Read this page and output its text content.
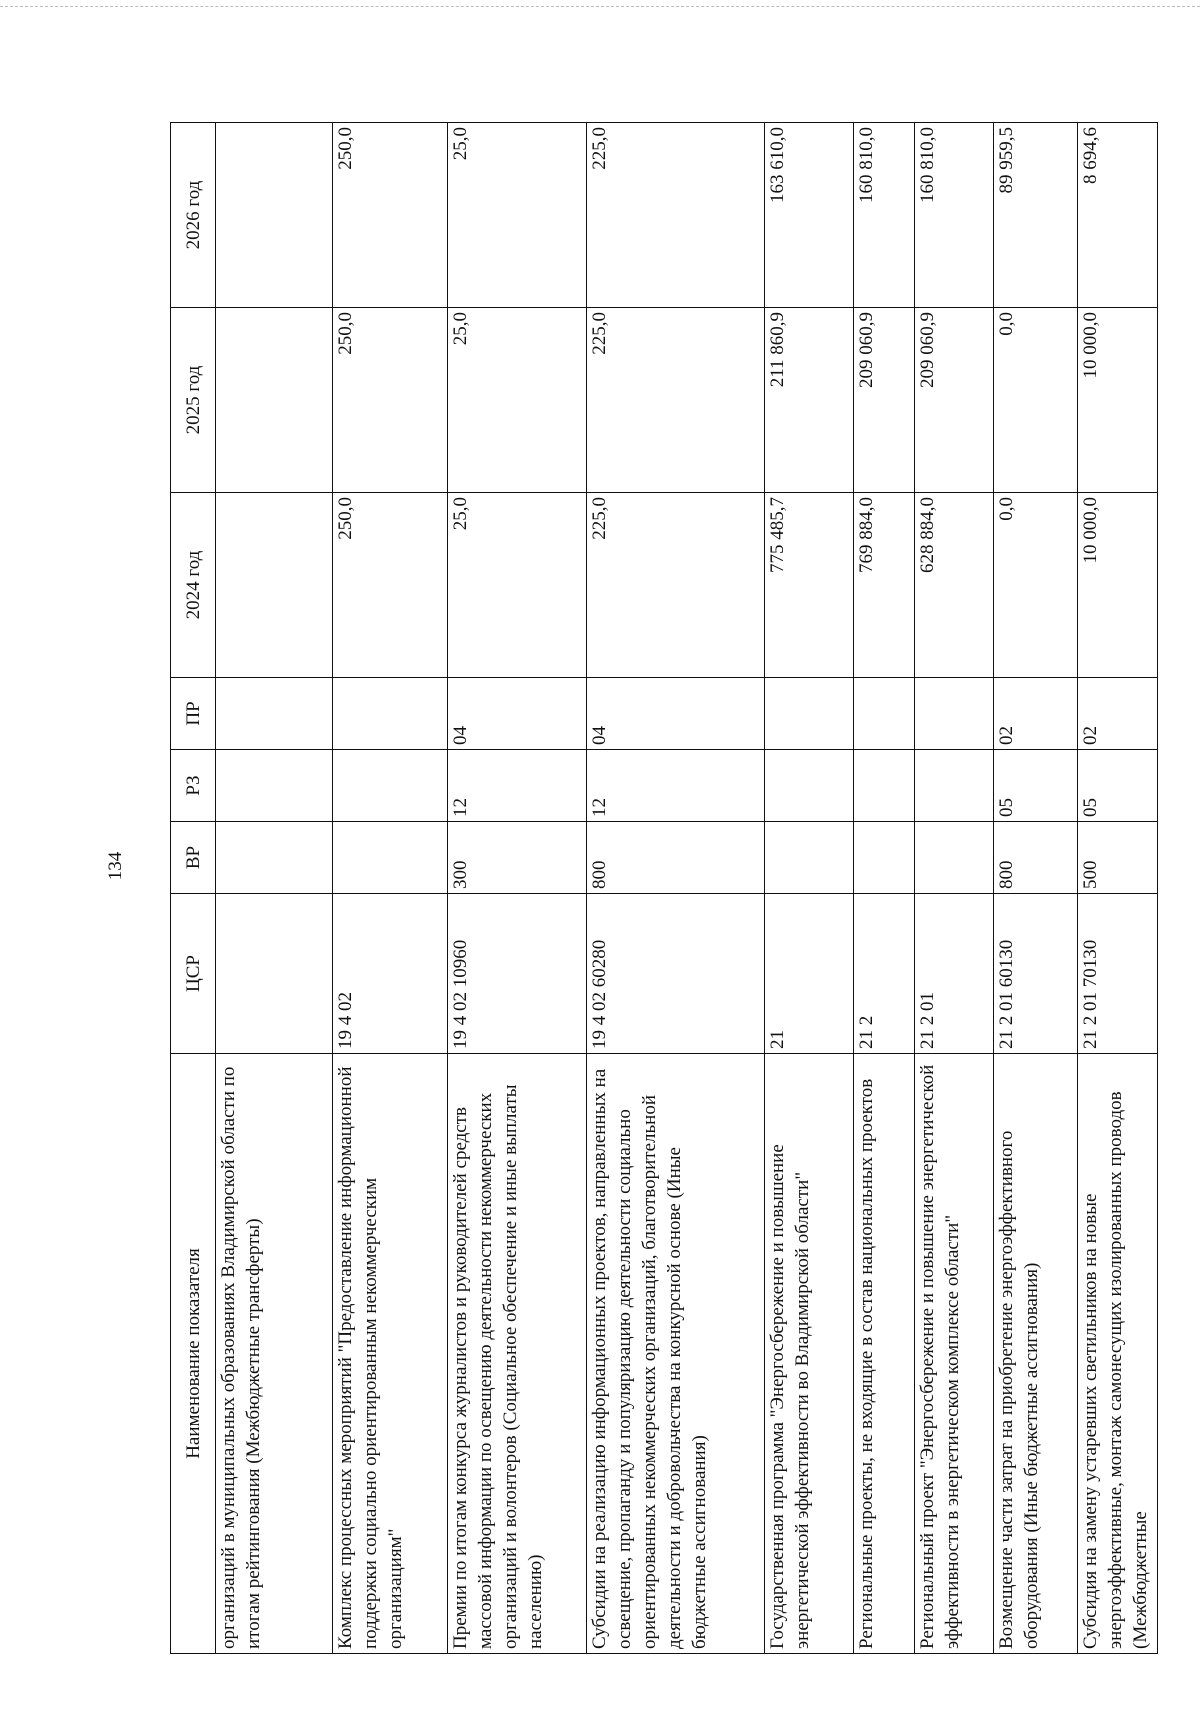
134
Наименование показателя	ЦСР	ВР	РЗ	ПР	2024 год	2025 год	2026 год
организаций в муниципальных образованиях Владимирской области по итогам рейтингования (Межбюджетные трансферты)							
Комплекс процессных мероприятий "Предоставление информационной поддержки социально ориентированным некоммерческим организациям"	19 4 02				250,0	250,0	250,0
Премии по итогам конкурса журналистов и руководителей средств массовой информации по освещению деятельности некоммерческих организаций и волонтеров (Социальное обеспечение и иные выплаты населению)	19 4 02 10960	300	12	04	25,0	25,0	25,0
Субсидии на реализацию информационных проектов, направленных на освещение, пропаганду и популяризацию деятельности социально ориентированных некоммерческих организаций, благотворительной деятельности и добровольчества на конкурсной основе (Иные бюджетные ассигнования)	19 4 02 60280	800	12	04	225,0	225,0	225,0
Государственная программа "Энергосбережение и повышение энергетической эффективности во Владимирской области"	21				775 485,7	211 860,9	163 610,0
Региональные проекты, не входящие в состав национальных проектов	21 2				769 884,0	209 060,9	160 810,0
Региональный проект "Энергосбережение и повышение энергетической эффективности в энергетическом комплексе области"	21 2 01				628 884,0	209 060,9	160 810,0
Возмещение части затрат на приобретение энергоэффективного оборудования (Иные бюджетные ассигнования)	21 2 01 60130	800	05	02	0,0	0,0	89 959,5
Субсидия на замену устаревших светильников на новые энергоэффективные, монтаж самонесущих изолированных проводов (Межбюджетные	21 2 01 70130	500	05	02	10 000,0	10 000,0	8 694,6
